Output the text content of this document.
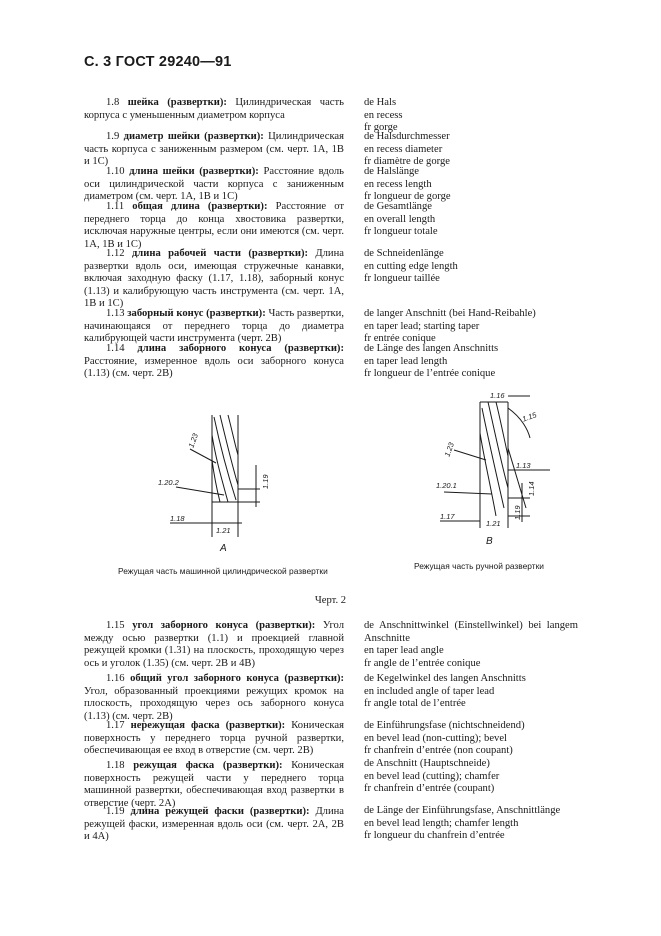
С. 3 ГОСТ 29240—91
1.8 шейка (развертки): Цилиндрическая часть корпуса с уменьшенным диаметром корпуса
de Hals
en recess
fr gorge
1.9 диаметр шейки (развертки): Цилиндрическая часть корпуса с заниженным размером (см. черт. 1А, 1В и 1С)
de Halsdurchmesser
en recess diameter
fr diamètre de gorge
1.10 длина шейки (развертки): Расстояние вдоль оси цилиндрической части корпуса с заниженным диаметром (см. черт. 1А, 1В и 1С)
de Halslänge
en recess length
fr longueur de gorge
1.11 общая длина (развертки): Расстояние от переднего торца до конца хвостовика развертки, исключая наружные центры, если они имеются (см. черт. 1А, 1В и 1С)
de Gesamtlänge
en overall length
fr longueur totale
1.12 длина рабочей части (развертки): Длина развертки вдоль оси, имеющая стружечные канавки, включая заходную фаску (1.17, 1.18), заборный конус (1.13) и калибрующую часть инструмента (см. черт. 1А, 1В и 1С)
de Schneidenlänge
en cutting edge length
fr longueur taillée
1.13 заборный конус (развертки): Часть развертки, начинающаяся от переднего торца до диаметра калибрующей части инструмента (черт. 2В)
de langer Anschnitt (bei Hand-Reibahle)
en taper lead; starting taper
fr entrée conique
1.14 длина заборного конуса (развертки): Расстояние, измеренное вдоль оси заборного конуса (1.13) (см. черт. 2В)
de Länge des langen Anschnitts
en taper lead length
fr longueur de l’entrée conique
1.23
1.20.2	1.19
1.18
1.21
A
Режущая часть машинной цилиндрической развертки
1.16
1.15
1.23
1.13
1.20.1	1.14
1.17
1.21
1.19
B
Режущая часть ручной развертки
Черт. 2
1.15 угол заборного конуса (развертки): Угол между осью развертки (1.1) и проекцией главной режущей кромки (1.31) на плоскость, проходящую через ось и уголок (1.35) (см. черт. 2В и 4В)
de Anschnittwinkel (Einstellwinkel) bei langem Anschnitte
en taper lead angle
fr angle de l’entrée conique
1.16 общий угол заборного конуса (развертки): Угол, образованный проекциями режущих кромок на плоскость, проходящую через ось заборного конуса (1.13) (см. черт. 2В)
de Kegelwinkel des langen Anschnitts
en included angle of taper lead
fr angle total de l’entrée
1.17 нережущая фаска (развертки): Коническая поверхность у переднего торца ручной развертки, обеспечивающая ее вход в отверстие (см. черт. 2В)
de Einführungsfase (nichtschneidend)
en bevel lead (non-cutting); bevel
fr chanfrein d’entrée (non coupant)
1.18 режущая фаска (развертки): Коническая поверхность режущей части у переднего торца машинной развертки, обеспечивающая вход развертки в отверстие (черт. 2А)
de Anschnitt (Hauptschneide)
en bevel lead (cutting); chamfer
fr chanfrein d’entrée (coupant)
1.19 длина режущей фаски (развертки): Длина режущей фаски, измеренная вдоль оси (см. черт. 2А, 2В и 4А)
de Länge der Einführungsfase, Anschnittlänge
en bevel lead length; chamfer length
fr longueur du chanfrein d’entrée
